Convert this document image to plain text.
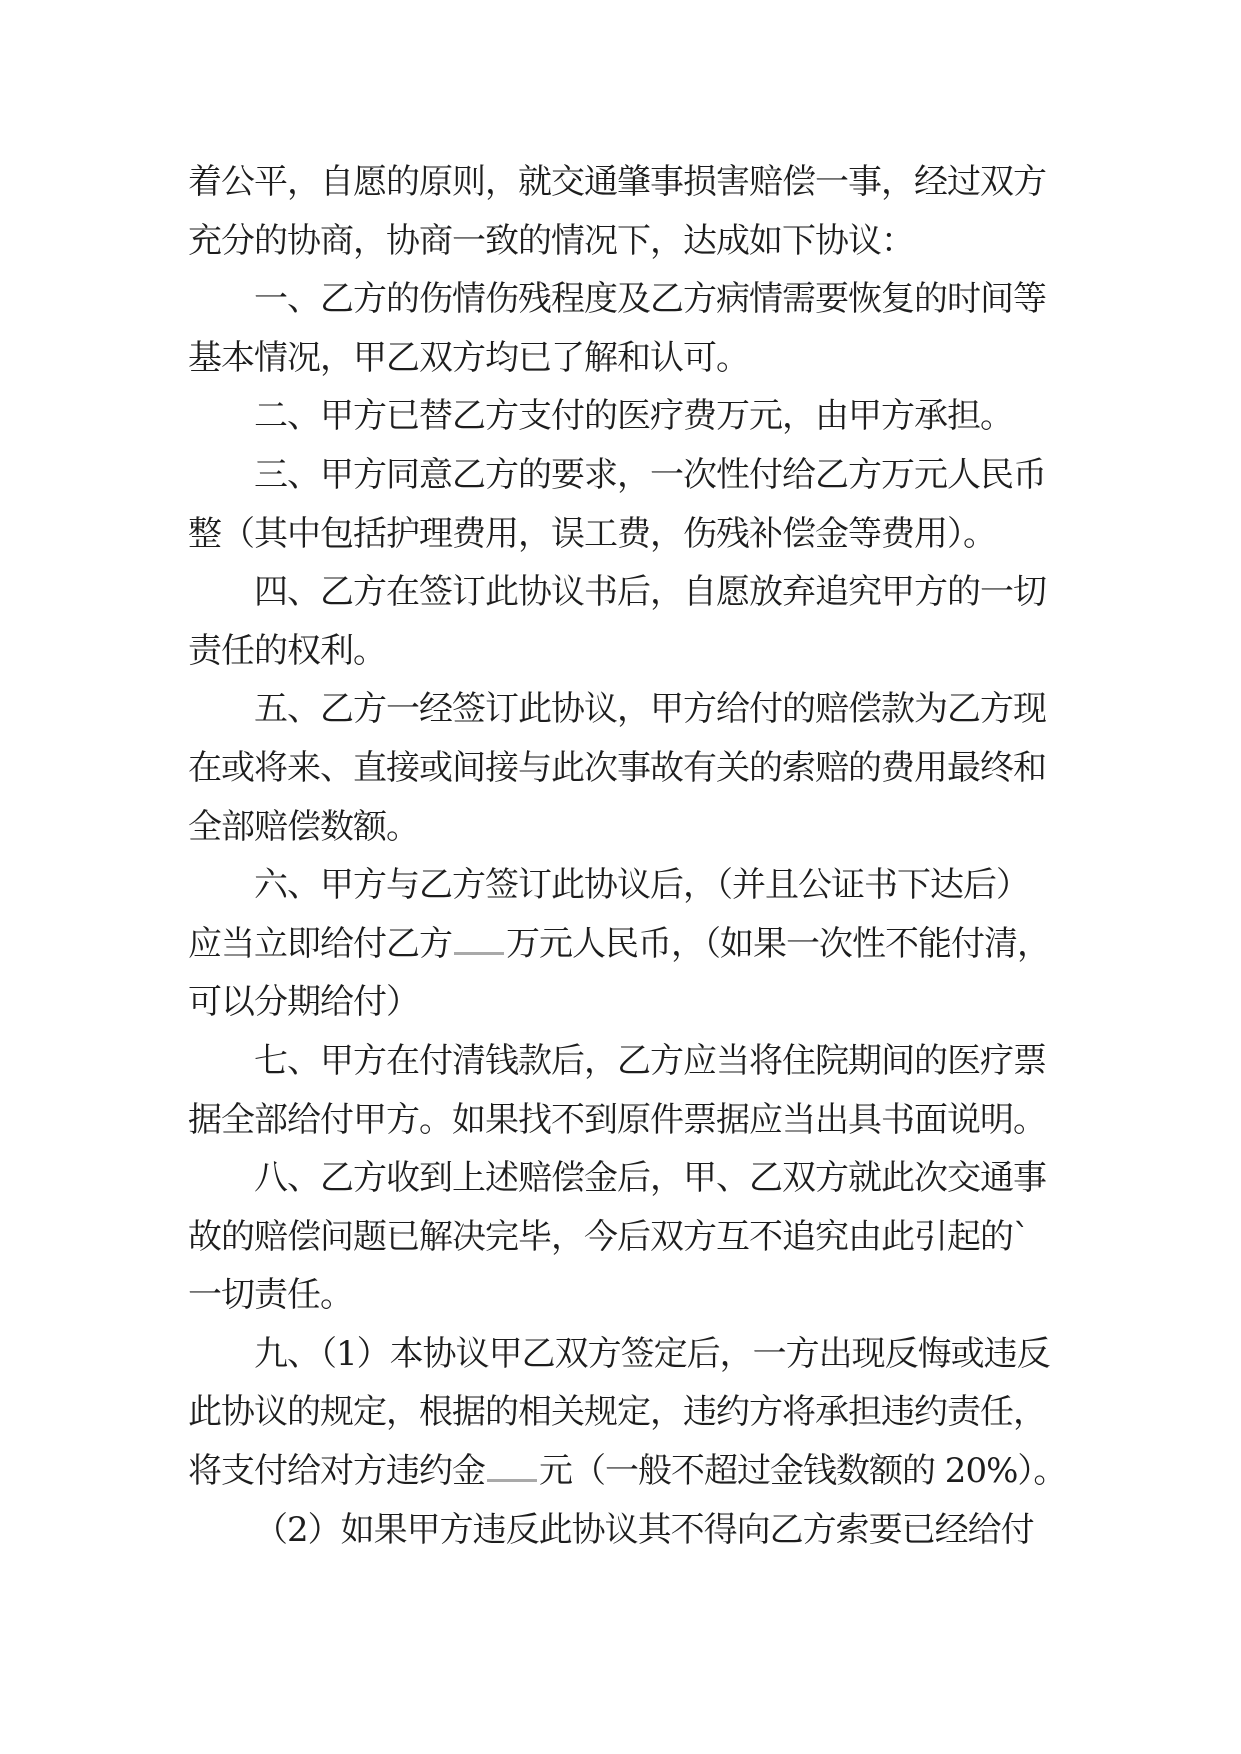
着公平，自愿的原则，就交通肇事损害赔偿一事，经过双方
充分的协商，协商一致的情况下，达成如下协议：
一、乙方的伤情伤残程度及乙方病情需要恢复的时间等
基本情况，甲乙双方均已了解和认可。
二、甲方已替乙方支付的医疗费万元，由甲方承担。
三、甲方同意乙方的要求，一次性付给乙方万元人民币
整（其中包括护理费用，误工费，伤残补偿金等费用）。
四、乙方在签订此协议书后，自愿放弃追究甲方的一切
责任的权利。
五、乙方一经签订此协议，甲方给付的赔偿款为乙方现
在或将来、直接或间接与此次事故有关的索赔的费用最终和
全部赔偿数额。
六、甲方与乙方签订此协议后，（并且公证书下达后）
应当立即给付乙方 万元人民币，（如果一次性不能付清，
可以分期给付）
七、甲方在付清钱款后，乙方应当将住院期间的医疗票
据全部给付甲方。如果找不到原件票据应当出具书面说明。
八、乙方收到上述赔偿金后，甲、乙双方就此次交通事
故的赔偿问题已解决完毕，今后双方互不追究由此引起的`
一切责任。
九、（1）本协议甲乙双方签定后，一方出现反悔或违反
此协议的规定，根据的相关规定，违约方将承担违约责任，
将支付给对方违约金 元（一般不超过金钱数额的 20%）。
（2）如果甲方违反此协议其不得向乙方索要已经给付
